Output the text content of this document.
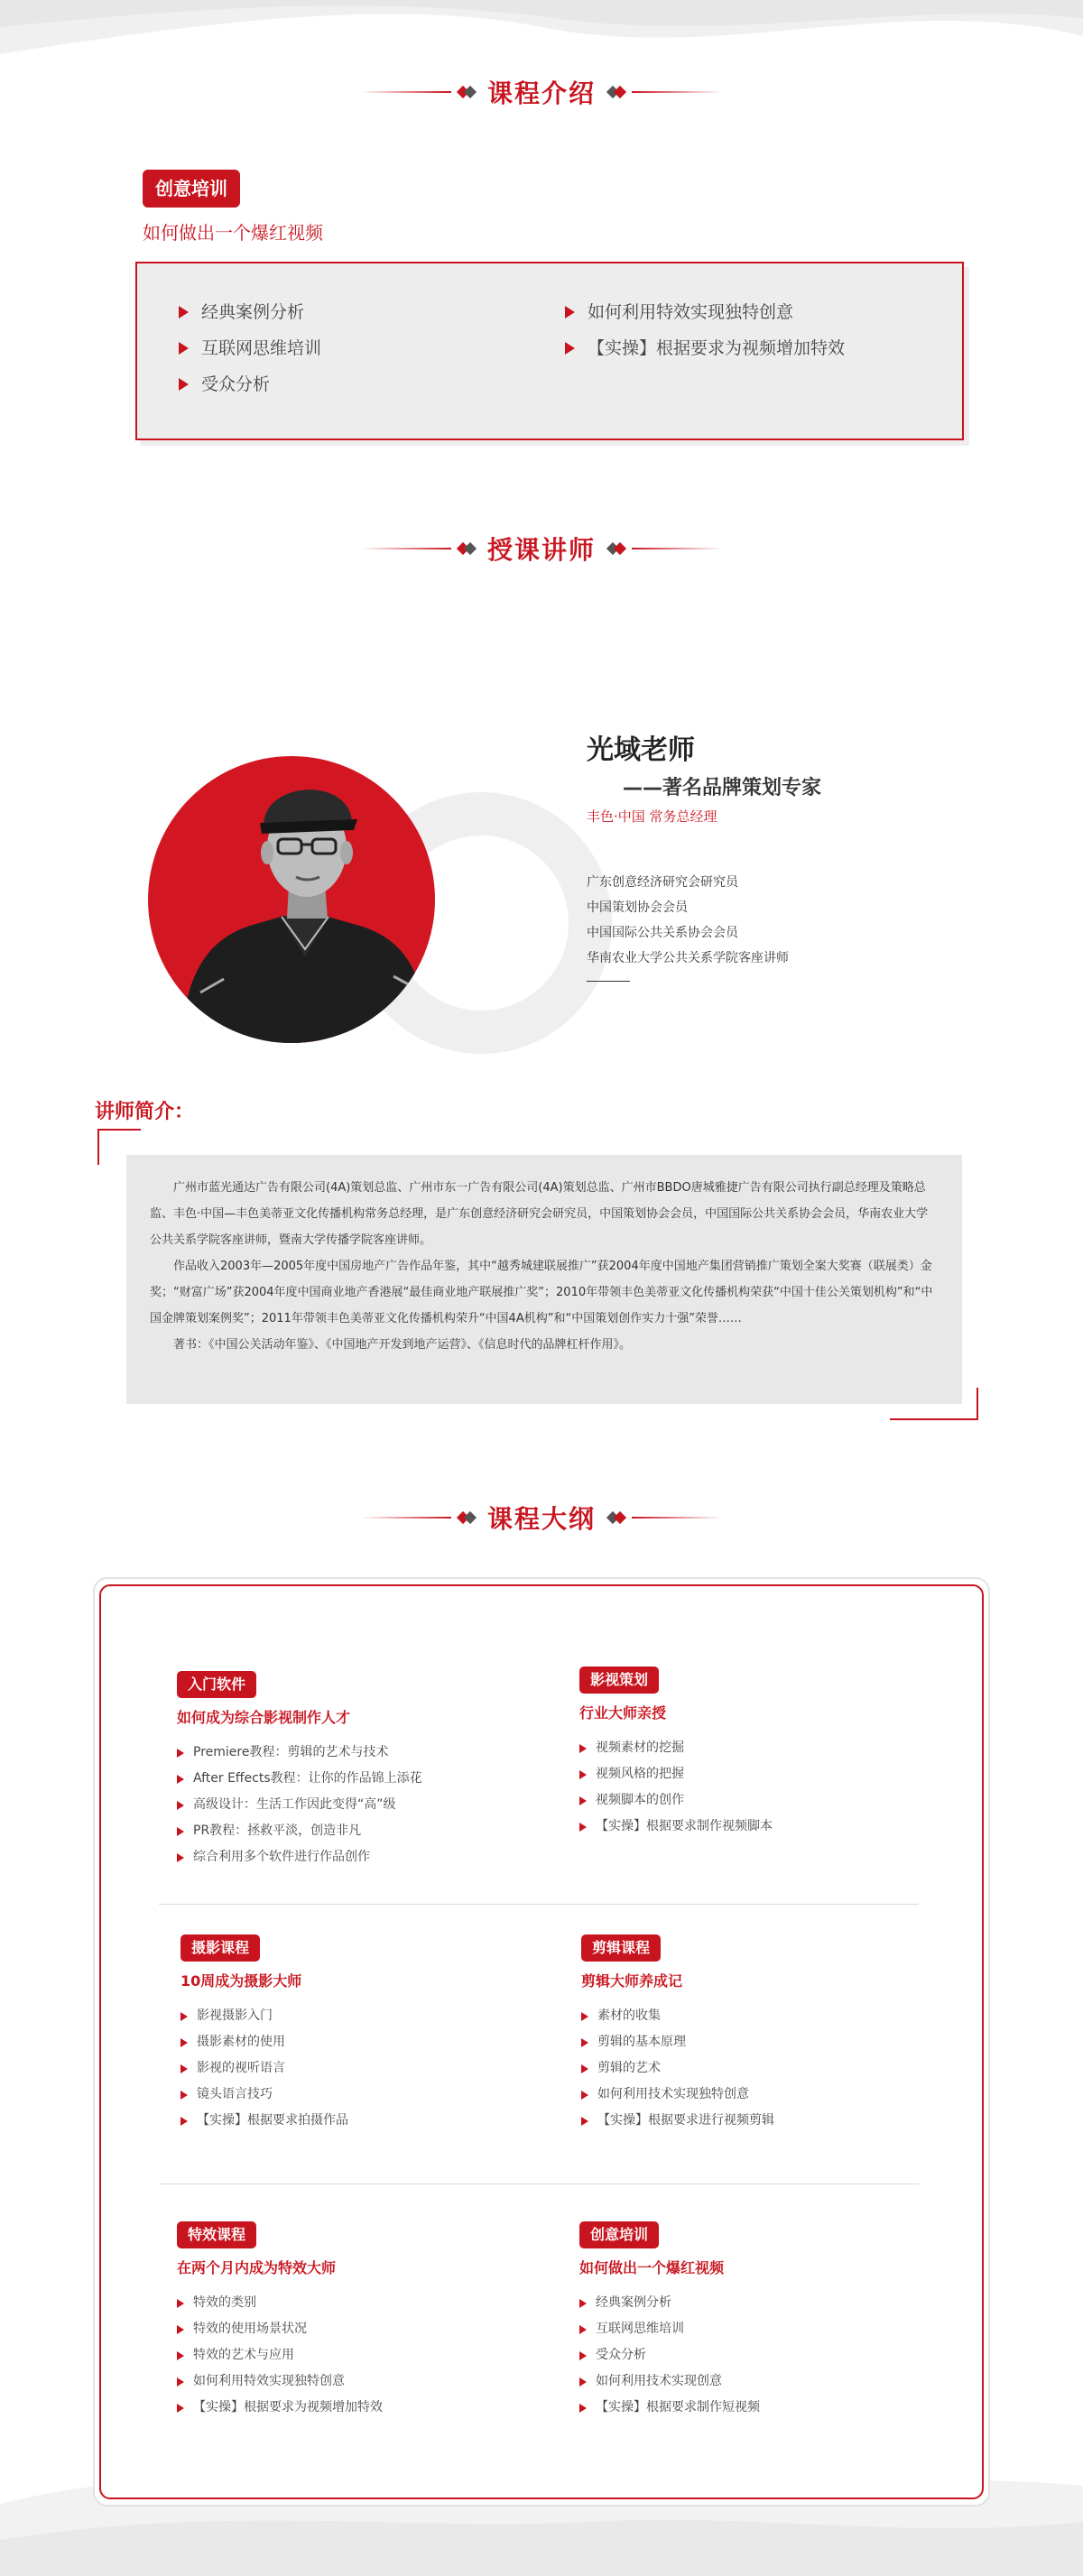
课程介绍
创意培训
如何做出一个爆红视频
经典案例分析
互联网思维培训
受众分析
如何利用特效实现独特创意
【实操】根据要求为视频增加特效
授课讲师
光域老师
——著名品牌策划专家
丰色·中国 常务总经理
广东创意经济研究会研究员
中国策划协会会员
中国国际公共关系协会会员
华南农业大学公共关系学院客座讲师
讲师简介：

广州市蓝光通达广告有限公司(4A)策划总监、广州市东一广告有限公司(4A)策划总监、广州市BBDO唐城雅捷广告有限公司执行副总经理及策略总监、丰色·中国—丰色美蒂亚文化传播机构常务总经理，是广东创意经济研究会研究员，中国策划协会会员，中国国际公共关系协会会员，华南农业大学公共关系学院客座讲师，暨南大学传播学院客座讲师。

作品收入2003年—2005年度中国房地产广告作品年鉴，其中“越秀城建联展推广”获2004年度中国地产集团营销推广策划全案大奖赛（联展类）金奖；“财富广场”获2004年度中国商业地产香港展“最佳商业地产联展推广奖”；2010年带领丰色美蒂亚文化传播机构荣获“中国十佳公关策划机构”和“中国金牌策划案例奖”；2011年带领丰色美蒂亚文化传播机构荣升“中国4A机构”和“中国策划创作实力十强”荣誉……

著书：《中国公关活动年鉴》、《中国地产开发到地产运营》、《信息时代的品牌杠杆作用》。

课程大纲
入门软件
如何成为综合影视制作人才
Premiere教程：剪辑的艺术与技术
After Effects教程：让你的作品锦上添花
高级设计：生活工作因此变得“高”级
PR教程：拯救平淡，创造非凡
综合利用多个软件进行作品创作
影视策划
行业大师亲授
视频素材的挖掘
视频风格的把握
视频脚本的创作
【实操】根据要求制作视频脚本
摄影课程
10周成为摄影大师
影视摄影入门
摄影素材的使用
影视的视听语言
镜头语言技巧
【实操】根据要求拍摄作品
剪辑课程
剪辑大师养成记
素材的收集
剪辑的基本原理
剪辑的艺术
如何利用技术实现独特创意
【实操】根据要求进行视频剪辑
特效课程
在两个月内成为特效大师
特效的类别
特效的使用场景状况
特效的艺术与应用
如何利用特效实现独特创意
【实操】根据要求为视频增加特效
创意培训
如何做出一个爆红视频
经典案例分析
互联网思维培训
受众分析
如何利用技术实现创意
【实操】根据要求制作短视频
